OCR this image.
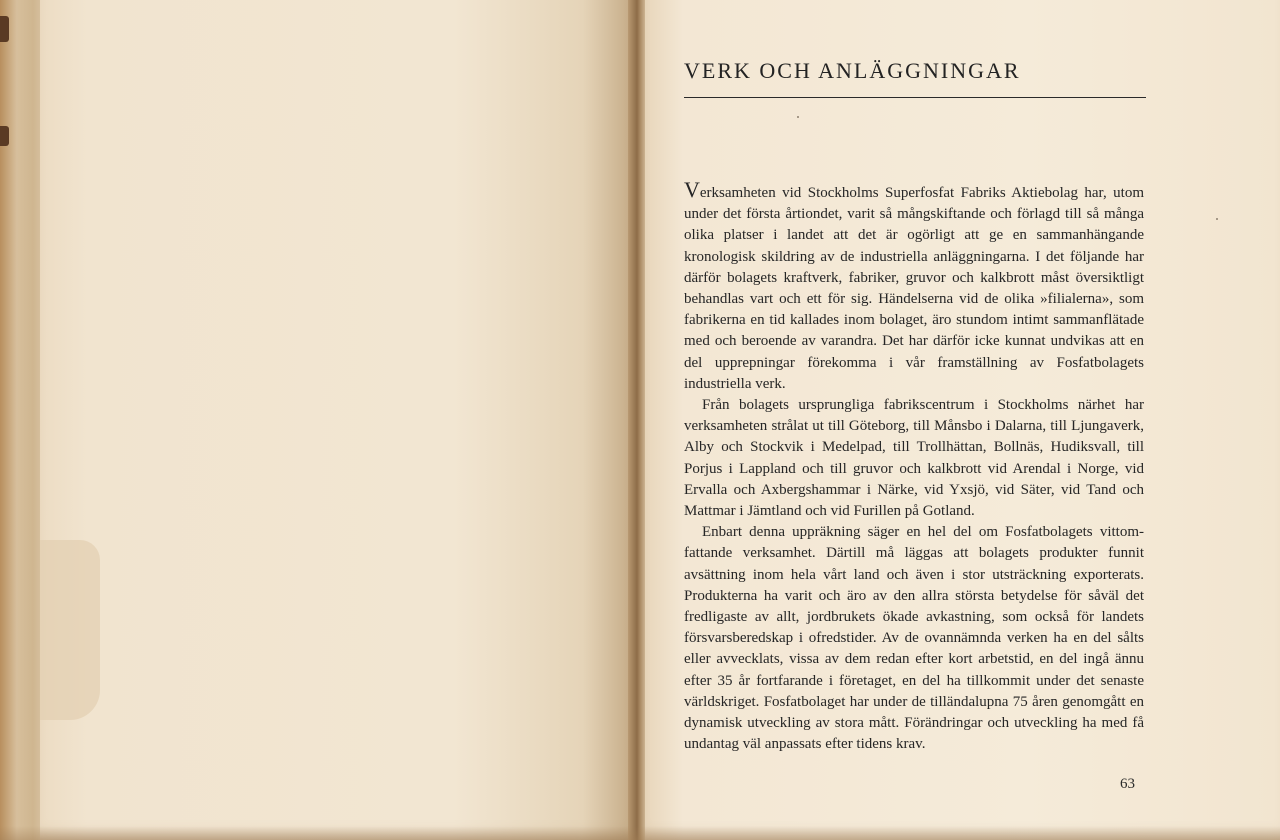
VERK OCH ANLÄGGNINGAR

Verksamheten vid Stockholms Superfosfat Fabriks Aktiebolag har, utom under det första årtiondet, varit så mångskiftande och förlagd till så många olika platser i landet att det är ogörligt att ge en sammanhängande kronologisk skildring av de industriella anläggningarna. I det följande har därför bolagets kraftverk, fabriker, gruvor och kalkbrott måst översiktligt behandlas vart och ett för sig. Händelserna vid de olika »filialerna», som fabrikerna en tid kallades inom bolaget, äro stundom intimt sammanflätade med och beroende av varandra. Det har därför icke kunnat undvikas att en del upprepningar förekomma i vår framställning av Fosfatbolagets industriella verk.

Från bolagets ursprungliga fabrikscentrum i Stockholms närhet har verksamheten strålat ut till Göteborg, till Månsbo i Dalarna, till Ljungaverk, Alby och Stockvik i Medelpad, till Trollhättan, Bollnäs, Hudiksvall, till Porjus i Lappland och till gruvor och kalkbrott vid Arendal i Norge, vid Ervalla och Axbergshammar i Närke, vid Yxsjö, vid Säter, vid Tand och Mattmar i Jämtland och vid Furillen på Gotland.

Enbart denna uppräkning säger en hel del om Fosfatbolagets vittomfattande verksamhet. Därtill må läggas att bolagets produkter funnit avsättning inom hela vårt land och även i stor utsträckning exporterats. Produkterna ha varit och äro av den allra största betydelse för såväl det fredligaste av allt, jordbrukets ökade avkastning, som också för landets försvarsberedskap i ofredstider. Av de ovannämnda verken ha en del sålts eller avvecklats, vissa av dem redan efter kort arbetstid, en del ingå ännu efter 35 år fortfarande i företaget, en del ha tillkommit under det senaste världskriget. Fosfatbolaget har under de tilländalupna 75 åren genomgått en dynamisk utveckling av stora mått. Förändringar och utveckling ha med få undantag väl anpassats efter tidens krav.

63
